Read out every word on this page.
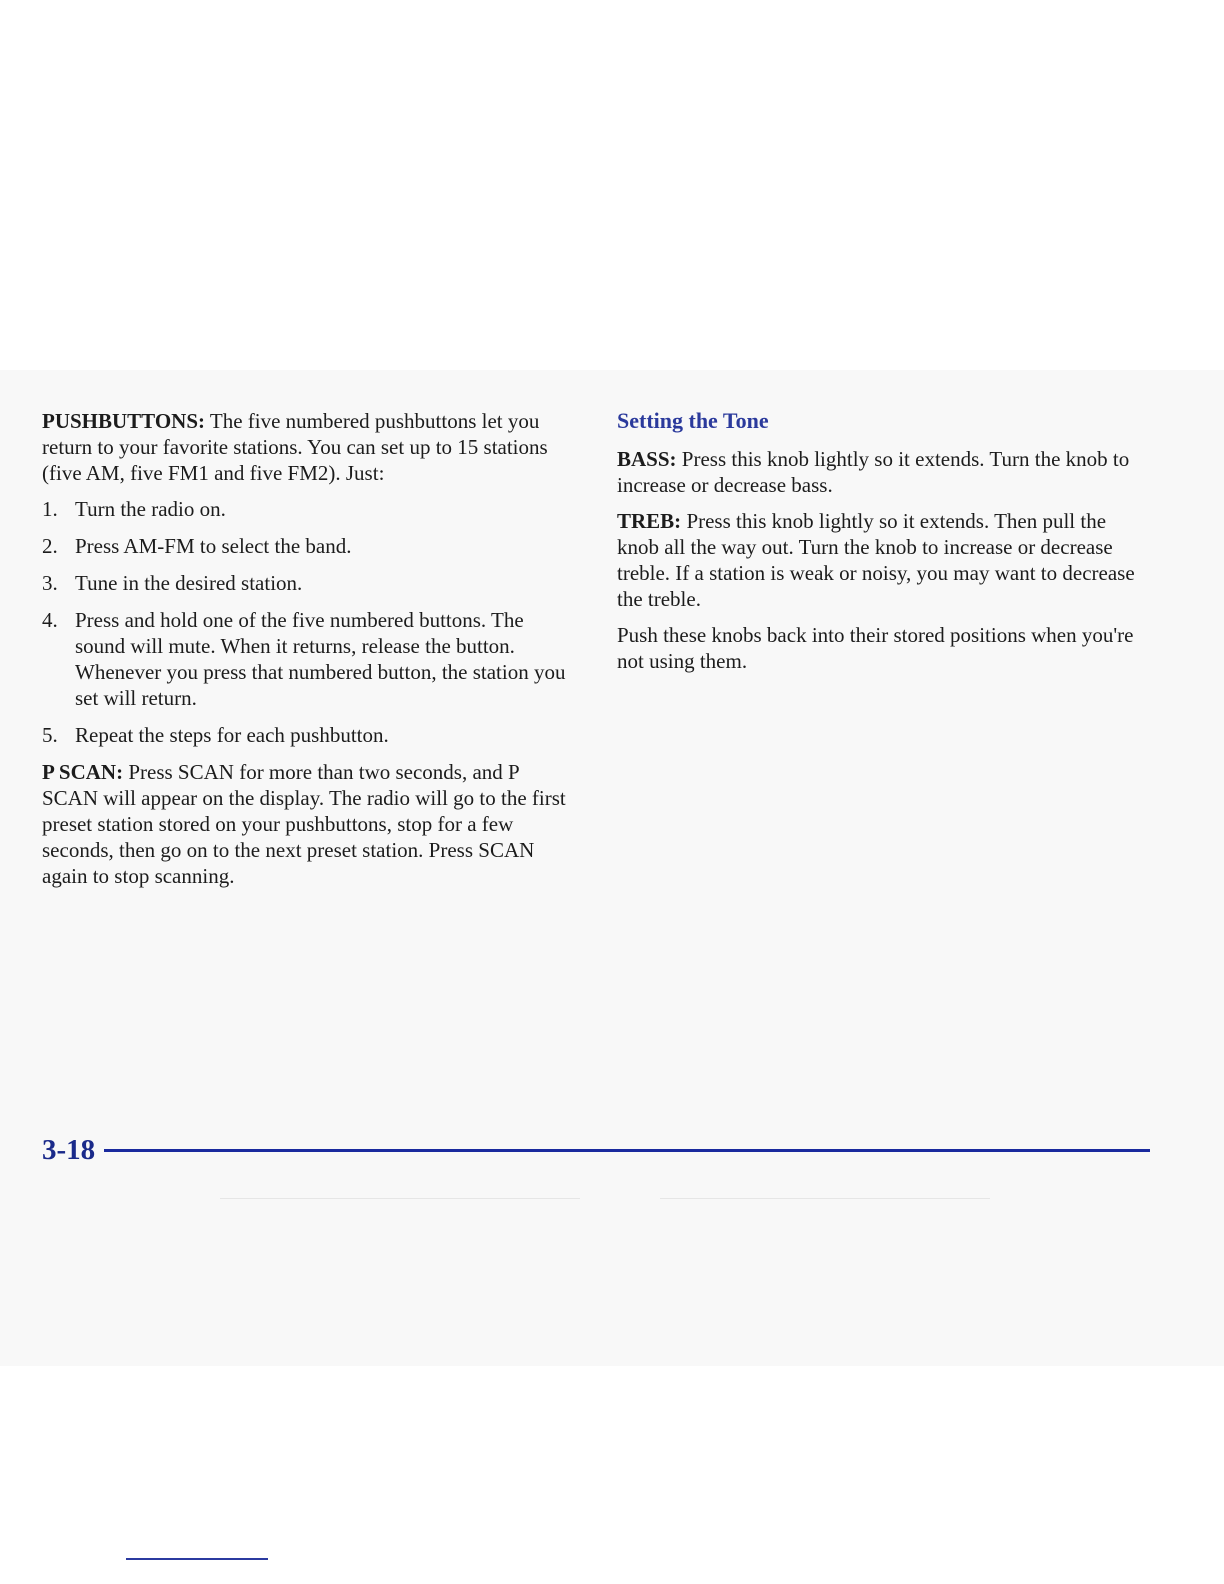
PUSHBUTTONS: The five numbered pushbuttons let you return to your favorite stations. You can set up to 15 stations (five AM, five FM1 and five FM2). Just:

1. Turn the radio on.
2. Press AM-FM to select the band.
3. Tune in the desired station.
4. Press and hold one of the five numbered buttons. The sound will mute. When it returns, release the button. Whenever you press that numbered button, the station you set will return.
5. Repeat the steps for each pushbutton.

P SCAN: Press SCAN for more than two seconds, and P SCAN will appear on the display. The radio will go to the first preset station stored on your pushbuttons, stop for a few seconds, then go on to the next preset station. Press SCAN again to stop scanning.

Setting the Tone

BASS: Press this knob lightly so it extends. Turn the knob to increase or decrease bass.

TREB: Press this knob lightly so it extends. Then pull the knob all the way out. Turn the knob to increase or decrease treble. If a station is weak or noisy, you may want to decrease the treble.

Push these knobs back into their stored positions when you're not using them.

3-18
